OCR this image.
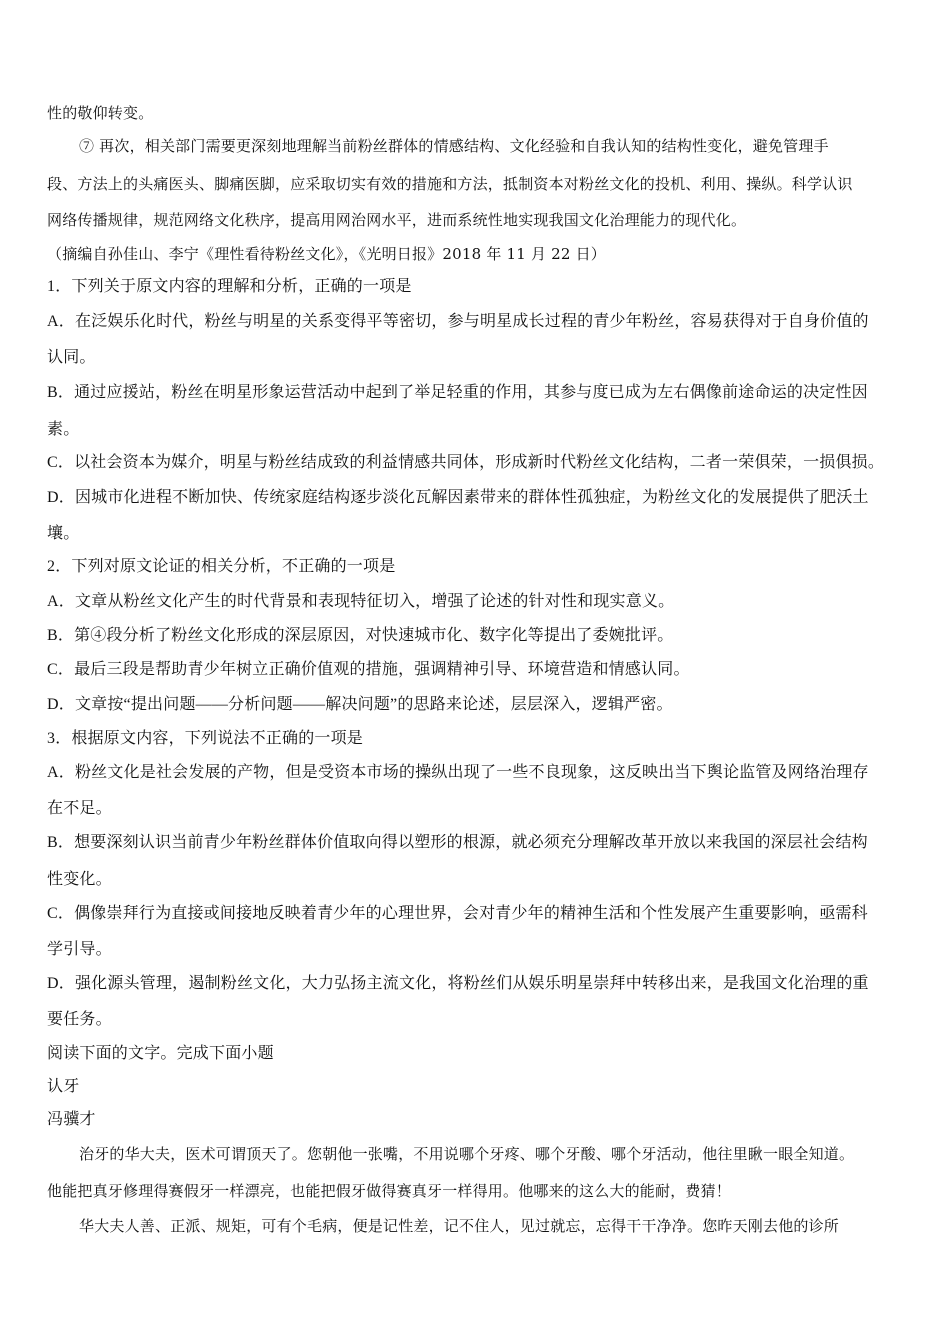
性的敬仰转变。
⑦ 再次，相关部门需要更深刻地理解当前粉丝群体的情感结构、文化经验和自我认知的结构性变化，避免管理手
段、方法上的头痛医头、脚痛医脚，应采取切实有效的措施和方法，抵制资本对粉丝文化的投机、利用、操纵。科学认识
网络传播规律，规范网络文化秩序，提高用网治网水平，进而系统性地实现我国文化治理能力的现代化。
（摘编自孙佳山、李宁《理性看待粉丝文化》，《光明日报》2018 年 11 月 22 日）
1．下列关于原文内容的理解和分析，正确的一项是
A．在泛娱乐化时代，粉丝与明星的关系变得平等密切，参与明星成长过程的青少年粉丝，容易获得对于自身价值的
认同。
B．通过应援站，粉丝在明星形象运营活动中起到了举足轻重的作用，其参与度已成为左右偶像前途命运的决定性因
素。
C．以社会资本为媒介，明星与粉丝结成致的利益情感共同体，形成新时代粉丝文化结构，二者一荣俱荣，一损俱损。
D．因城市化进程不断加快、传统家庭结构逐步淡化瓦解因素带来的群体性孤独症，为粉丝文化的发展提供了肥沃土
壤。
2．下列对原文论证的相关分析，不正确的一项是
A．文章从粉丝文化产生的时代背景和表现特征切入，增强了论述的针对性和现实意义。
B．第④段分析了粉丝文化形成的深层原因，对快速城市化、数字化等提出了委婉批评。
C．最后三段是帮助青少年树立正确价值观的措施，强调精神引导、环境营造和情感认同。
D．文章按“提出问题——分析问题——解决问题”的思路来论述，层层深入，逻辑严密。
3．根据原文内容，下列说法不正确的一项是
A．粉丝文化是社会发展的产物，但是受资本市场的操纵出现了一些不良现象，这反映出当下舆论监管及网络治理存
在不足。
B．想要深刻认识当前青少年粉丝群体价值取向得以塑形的根源，就必须充分理解改革开放以来我国的深层社会结构
性变化。
C．偶像崇拜行为直接或间接地反映着青少年的心理世界，会对青少年的精神生活和个性发展产生重要影响，亟需科
学引导。
D．强化源头管理，遏制粉丝文化，大力弘扬主流文化，将粉丝们从娱乐明星崇拜中转移出来，是我国文化治理的重
要任务。
阅读下面的文字。完成下面小题
认牙
冯骥才
治牙的华大夫，医术可谓顶天了。您朝他一张嘴，不用说哪个牙疼、哪个牙酸、哪个牙活动，他往里瞅一眼全知道。
他能把真牙修理得赛假牙一样漂亮，也能把假牙做得赛真牙一样得用。他哪来的这么大的能耐，费猜！
华大夫人善、正派、规矩，可有个毛病，便是记性差，记不住人，见过就忘，忘得干干净净。您昨天刚去他的诊所
